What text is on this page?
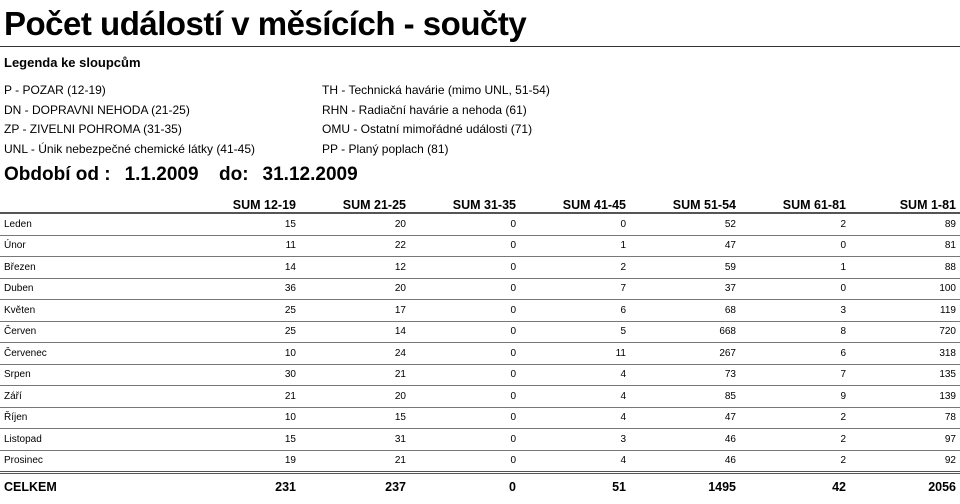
Počet událostí v měsících - součty
Legenda ke sloupcům
P - POZAR (12-19)
DN - DOPRAVNI NEHODA (21-25)
ZP - ZIVELNI POHROMA (31-35)
UNL - Únik nebezpečné chemické látky (41-45)
TH - Technická havárie (mimo UNL, 51-54)
RHN - Radiační havárie a nehoda (61)
OMU - Ostatní mimořádné události (71)
PP - Planý poplach (81)
Období od : 1.1.2009 do: 31.12.2009
	SUM 12-19	SUM 21-25	SUM 31-35	SUM 41-45	SUM 51-54	SUM 61-81	SUM 1-81
Leden	15	20	0	0	52	2	89
Únor	11	22	0	1	47	0	81
Březen	14	12	0	2	59	1	88
Duben	36	20	0	7	37	0	100
Květen	25	17	0	6	68	3	119
Červen	25	14	0	5	668	8	720
Červenec	10	24	0	11	267	6	318
Srpen	30	21	0	4	73	7	135
Září	21	20	0	4	85	9	139
Říjen	10	15	0	4	47	2	78
Listopad	15	31	0	3	46	2	97
Prosinec	19	21	0	4	46	2	92
CELKEM	231	237	0	51	1495	42	2056
